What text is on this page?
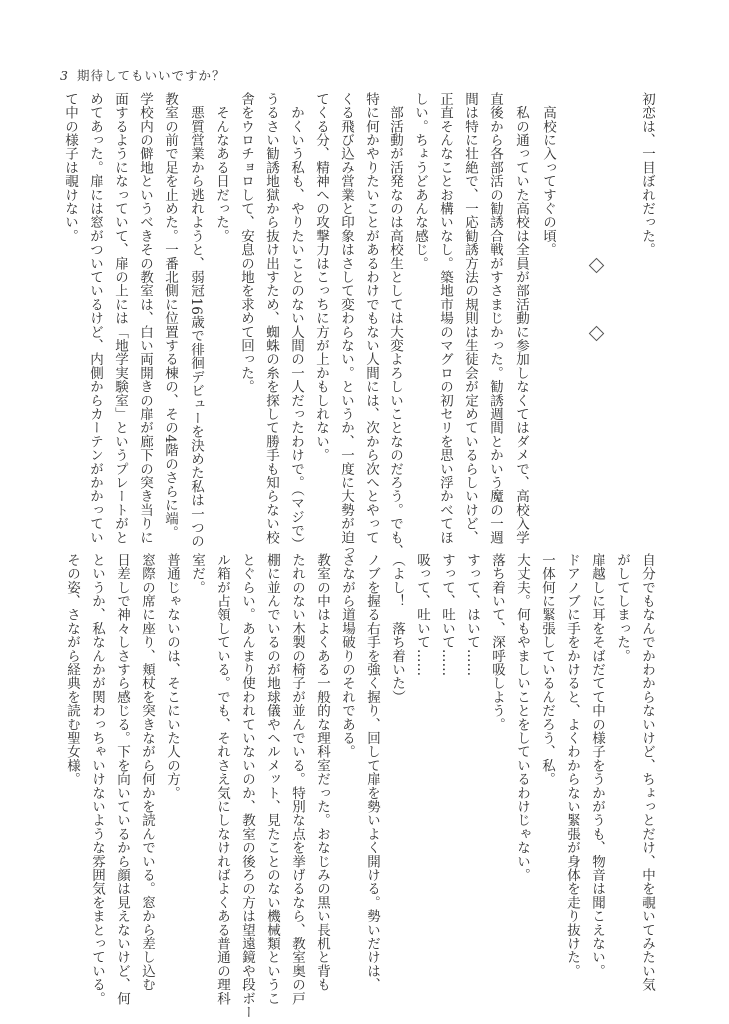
3 期待してもいいですか？
初恋は、一目ぼれだった。
　高校に入ってすぐの頃。
　私の通っていた高校は全員が部活動に参加しなくてはダメで、高校入学
直後から各部活の勧誘合戦がすさまじかった。勧誘週間とかいう魔の一週
間は特に壮絶で、一応勧誘方法の規則は生徒会が定めているらしいけど、
正直そんなことお構いなし。築地市場のマグロの初セリを思い浮かべてほ
しい。ちょうどあんな感じ。
　部活動が活発なのは高校生としては大変よろしいことなのだろう。でも、
特に何かやりたいことがあるわけでもない人間には、次から次へとやって
くる飛び込み営業と印象はさして変わらない。というか、一度に大勢が迫っ
てくる分、精神への攻撃力はこっちに方が上かもしれない。
　かくいう私も、やりたいことのない人間の一人だったわけで。（マジで）
うるさい勧誘地獄から抜け出すため、蜘蛛の糸を探して勝手も知らない校
舎をウロチョロして、安息の地を求めて回った。
　そんなある日だった。
　悪質営業から逃れようと、弱冠16歳で徘徊デビューを決めた私は一つの
教室の前で足を止めた。一番北側に位置する棟の、その4階のさらに端。
学校内の僻地というべきその教室は、白い両開きの扉が廊下の突き当りに
面するようになっていて、扉の上には「地学実験室」というプレートがと
めてあった。扉には窓がついているけど、内側からカーテンがかかってい
て中の様子は覗けない。
自分でもなんでかわからないけど、ちょっとだけ、中を覗いてみたい気
がしてしまった。
扉越しに耳をそばだてて中の様子をうかがうも、物音は聞こえない。
ドアノブに手をかけると、よくわからない緊張が身体を走り抜けた。
一体何に緊張しているんだろう、私。
大丈夫。何もやましいことをしているわけじゃない。
落ち着いて、深呼吸しよう。
すって、はいて……
すって、吐いて……
吸って、吐いて……
（よし！　落ち着いた）
ノブを握る右手を強く握り、回して扉を勢いよく開ける。勢いだけは、
さながら道場破りのそれである。
教室の中はよくある一般的な理科室だった。おなじみの黒い長机と背も
たれのない木製の椅子が並んでいる。特別な点を挙げるなら、教室奥の戸
棚に並んでいるのが地球儀やヘルメット、見たことのない機械類というこ
とぐらい。あんまり使われていないのか、教室の後ろの方は望遠鏡や段ボー
ル箱が占領している。でも、それさえ気にしなければよくある普通の理科
室だ。
普通じゃないのは、そこにいた人の方。
窓際の席に座り、頬杖を突きながら何かを読んでいる。窓から差し込む
日差しで神々しさすら感じる。下を向いているから顔は見えないけど、何
というか、私なんかが関わっちゃいけないような雰囲気をまとっている。
その姿、さながら経典を読む聖女様。
